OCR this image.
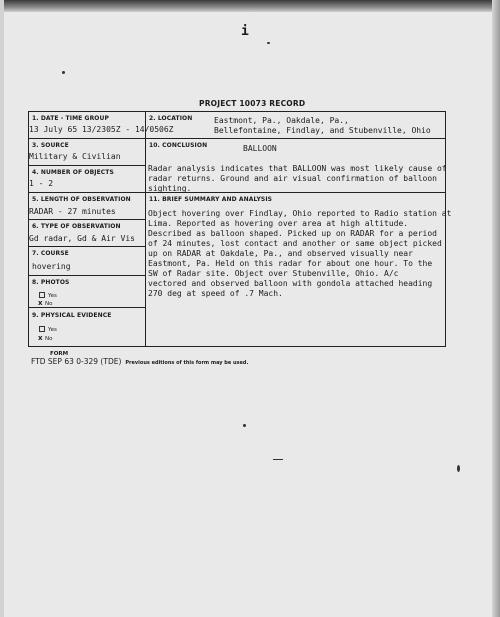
i
PROJECT 10073 RECORD
1. DATE - TIME GROUP
13 July 65 13/2305Z - 14/0506Z
3. SOURCE
Military & Civilian
4. NUMBER OF OBJECTS
1 - 2
5. LENGTH OF OBSERVATION
RADAR - 27 minutes
6. TYPE OF OBSERVATION
Gd radar, Gd & Air Vis
7. COURSE
hovering
8. PHOTOS
Yes
x No
9. PHYSICAL EVIDENCE
Yes
x No
2. LOCATION	Eastmont, Pa., Oakdale, Pa.,
Bellefontaine, Findlay, and Stubenville, Ohio
10. CONCLUSION	BALLOON
Radar analysis indicates that BALLOON was most likely cause of
radar returns. Ground and air visual confirmation of balloon
sighting.
11. BRIEF SUMMARY AND ANALYSIS
Object hovering over Findlay, Ohio reported to Radio station at
Lima. Reported as hovering over area at high altitude.
Described as balloon shaped. Picked up on RADAR for a period
of 24 minutes, lost contact and another or same object picked
up on RADAR at Oakdale, Pa., and observed visually near
Eastmont, Pa. Held on this radar for about one hour. To the
SW of Radar site. Object over Stubenville, Ohio. A/c
vectored and observed balloon with gondola attached heading
270 deg at speed of .7 Mach.
FORM
FTD SEP 63 0-329 (TDE) Previous editions of this form may be used.
